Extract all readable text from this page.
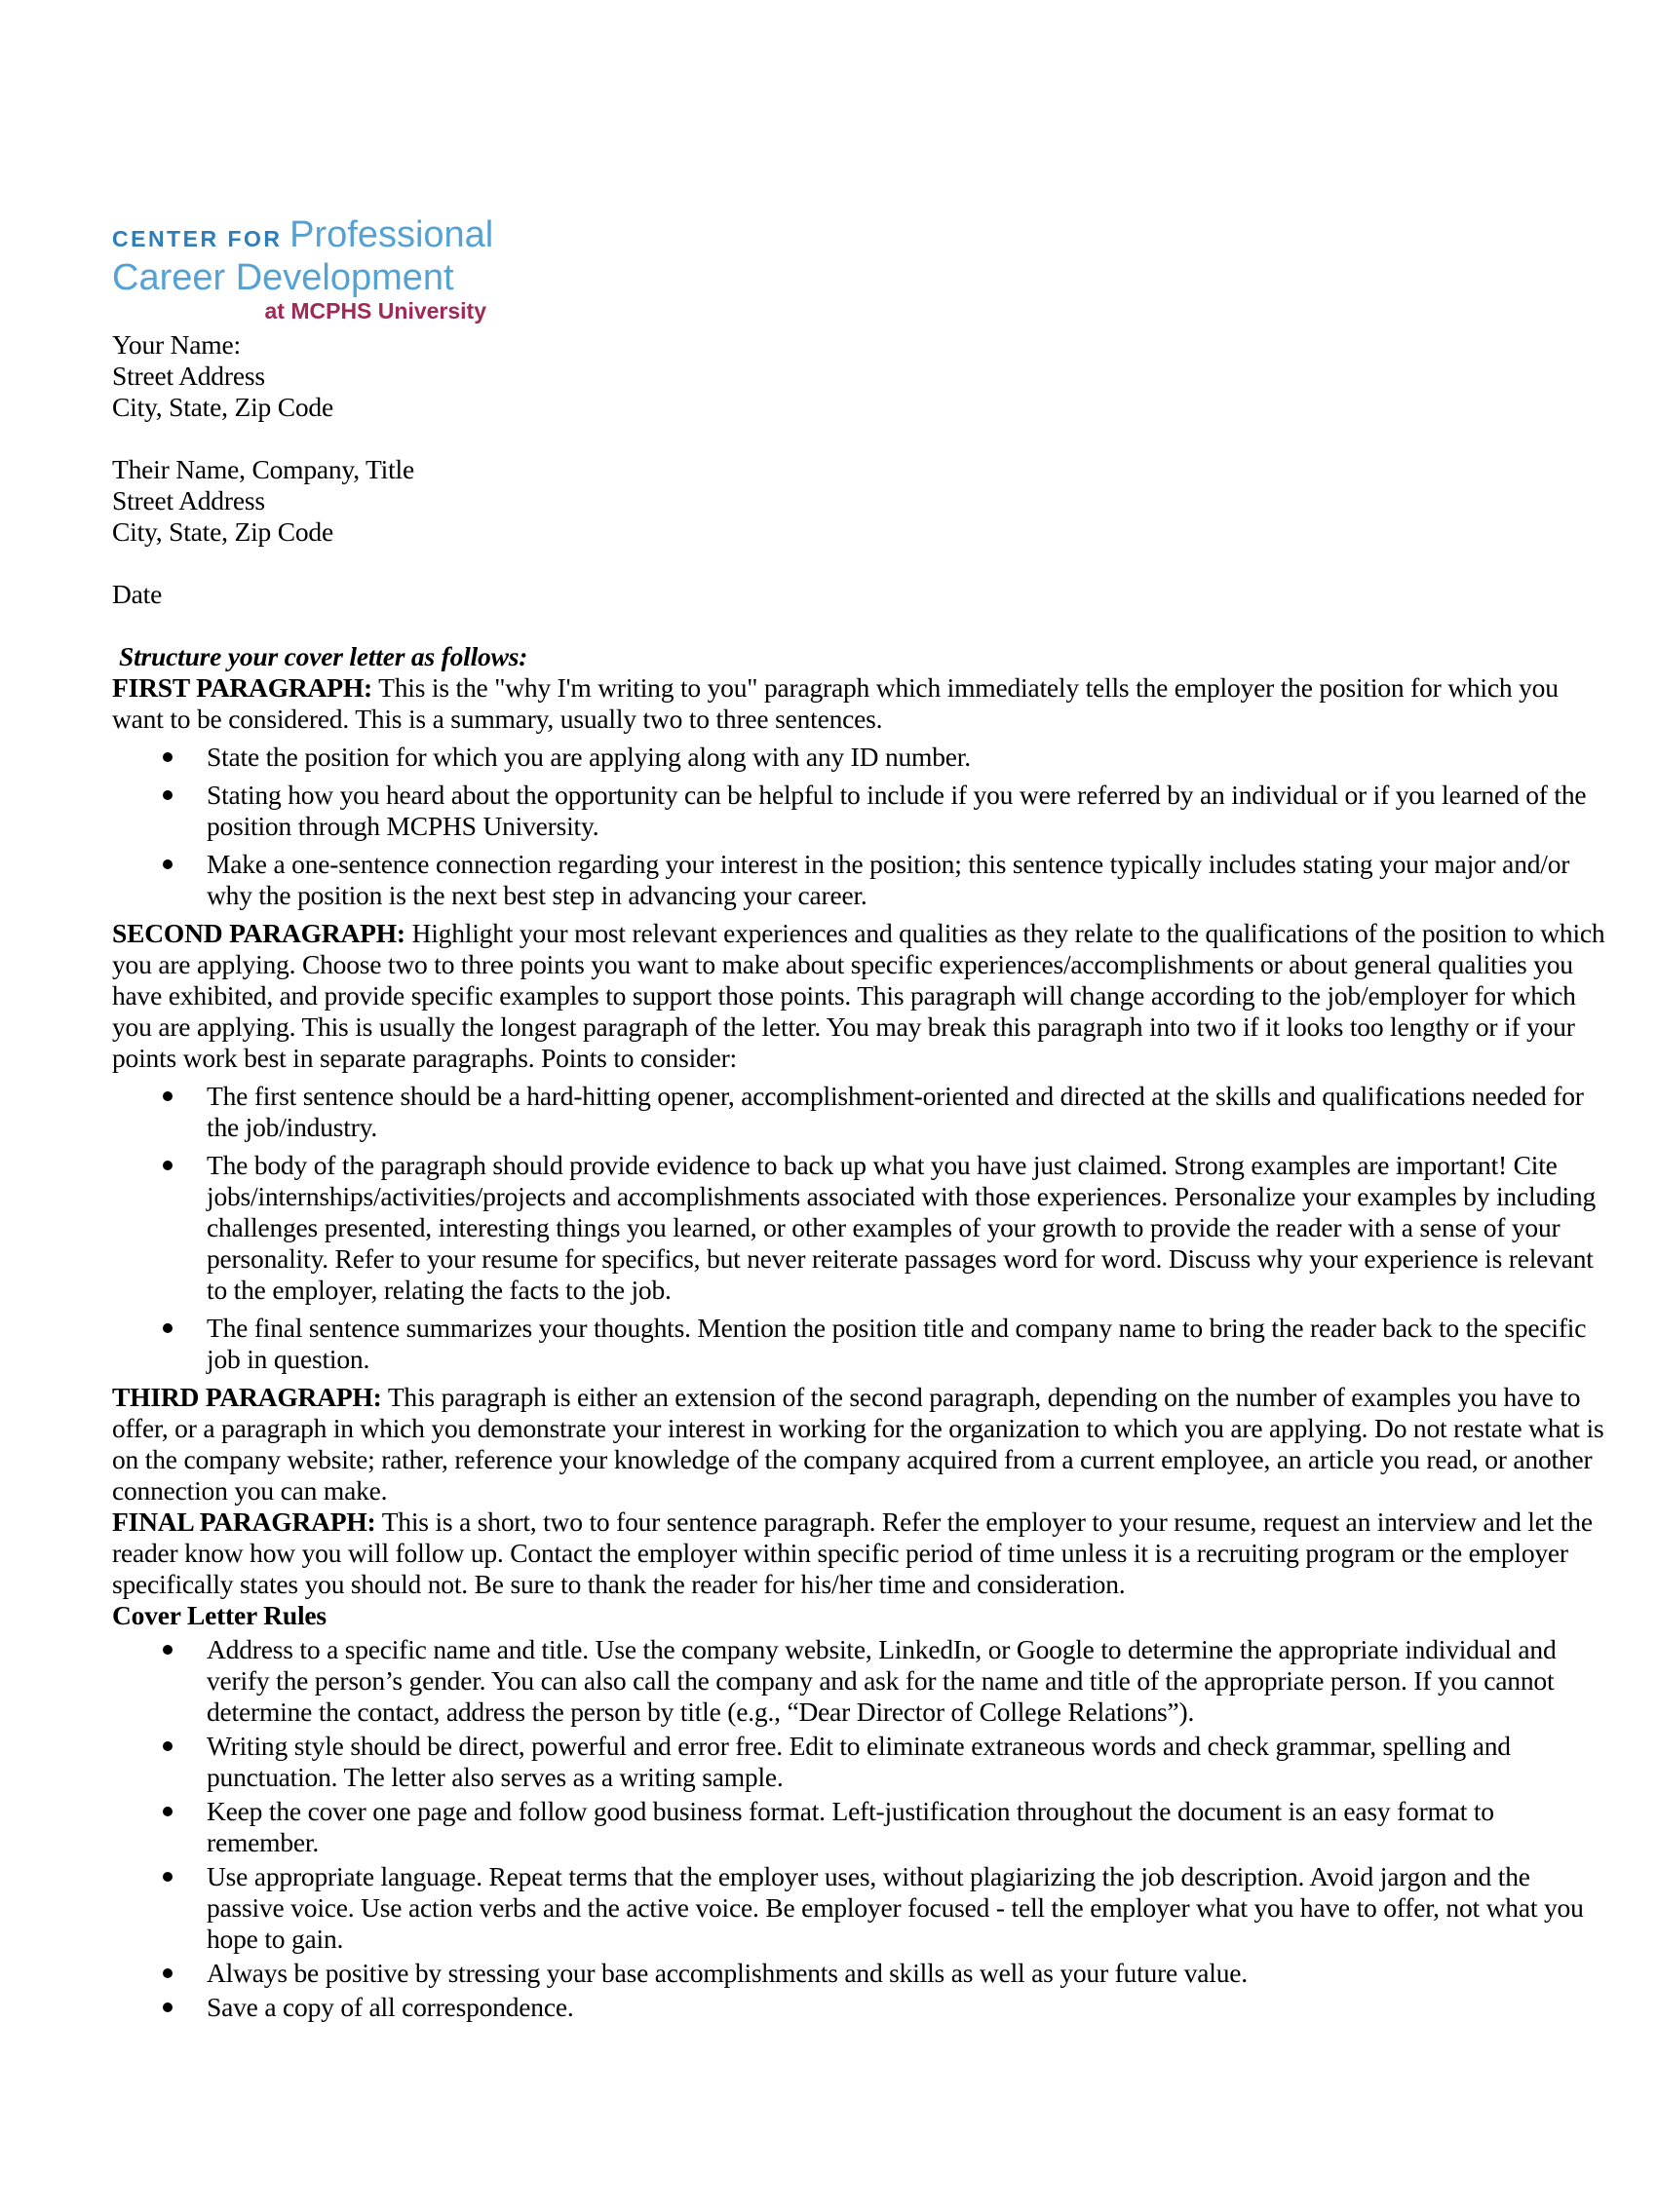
CENTER FOR Professional
Career Development
at MCPHS University
Your Name:
Street Address
City, State, Zip Code
Their Name, Company, Title
Street Address
City, State, Zip Code
Date
Structure your cover letter as follows:

FIRST PARAGRAPH: This is the "why I'm writing to you" paragraph which immediately tells the employer the position for which you want to be considered. This is a summary, usually two to three sentences.

State the position for which you are applying along with any ID number.
Stating how you heard about the opportunity can be helpful to include if you were referred by an individual or if you learned of the position through MCPHS University.
Make a one-sentence connection regarding your interest in the position; this sentence typically includes stating your major and/or why the position is the next best step in advancing your career.

SECOND PARAGRAPH: Highlight your most relevant experiences and qualities as they relate to the qualifications of the position to which you are applying. Choose two to three points you want to make about specific experiences/accomplishments or about general qualities you have exhibited, and provide specific examples to support those points. This paragraph will change according to the job/employer for which you are applying. This is usually the longest paragraph of the letter. You may break this paragraph into two if it looks too lengthy or if your points work best in separate paragraphs. Points to consider:

The first sentence should be a hard-hitting opener, accomplishment-oriented and directed at the skills and qualifications needed for the job/industry.
The body of the paragraph should provide evidence to back up what you have just claimed. Strong examples are important! Cite jobs/internships/activities/projects and accomplishments associated with those experiences. Personalize your examples by including challenges presented, interesting things you learned, or other examples of your growth to provide the reader with a sense of your personality. Refer to your resume for specifics, but never reiterate passages word for word. Discuss why your experience is relevant to the employer, relating the facts to the job.
The final sentence summarizes your thoughts. Mention the position title and company name to bring the reader back to the specific job in question.

THIRD PARAGRAPH: This paragraph is either an extension of the second paragraph, depending on the number of examples you have to offer, or a paragraph in which you demonstrate your interest in working for the organization to which you are applying. Do not restate what is on the company website; rather, reference your knowledge of the company acquired from a current employee, an article you read, or another connection you can make.

FINAL PARAGRAPH: This is a short, two to four sentence paragraph. Refer the employer to your resume, request an interview and let the reader know how you will follow up. Contact the employer within specific period of time unless it is a recruiting program or the employer specifically states you should not. Be sure to thank the reader for his/her time and consideration.

Cover Letter Rules
Address to a specific name and title. Use the company website, LinkedIn, or Google to determine the appropriate individual and verify the person’s gender. You can also call the company and ask for the name and title of the appropriate person. If you cannot determine the contact, address the person by title (e.g., “Dear Director of College Relations”).
Writing style should be direct, powerful and error free. Edit to eliminate extraneous words and check grammar, spelling and punctuation. The letter also serves as a writing sample.
Keep the cover one page and follow good business format. Left-justification throughout the document is an easy format to remember.
Use appropriate language. Repeat terms that the employer uses, without plagiarizing the job description. Avoid jargon and the passive voice. Use action verbs and the active voice. Be employer focused - tell the employer what you have to offer, not what you hope to gain.
Always be positive by stressing your base accomplishments and skills as well as your future value.
Save a copy of all correspondence.
